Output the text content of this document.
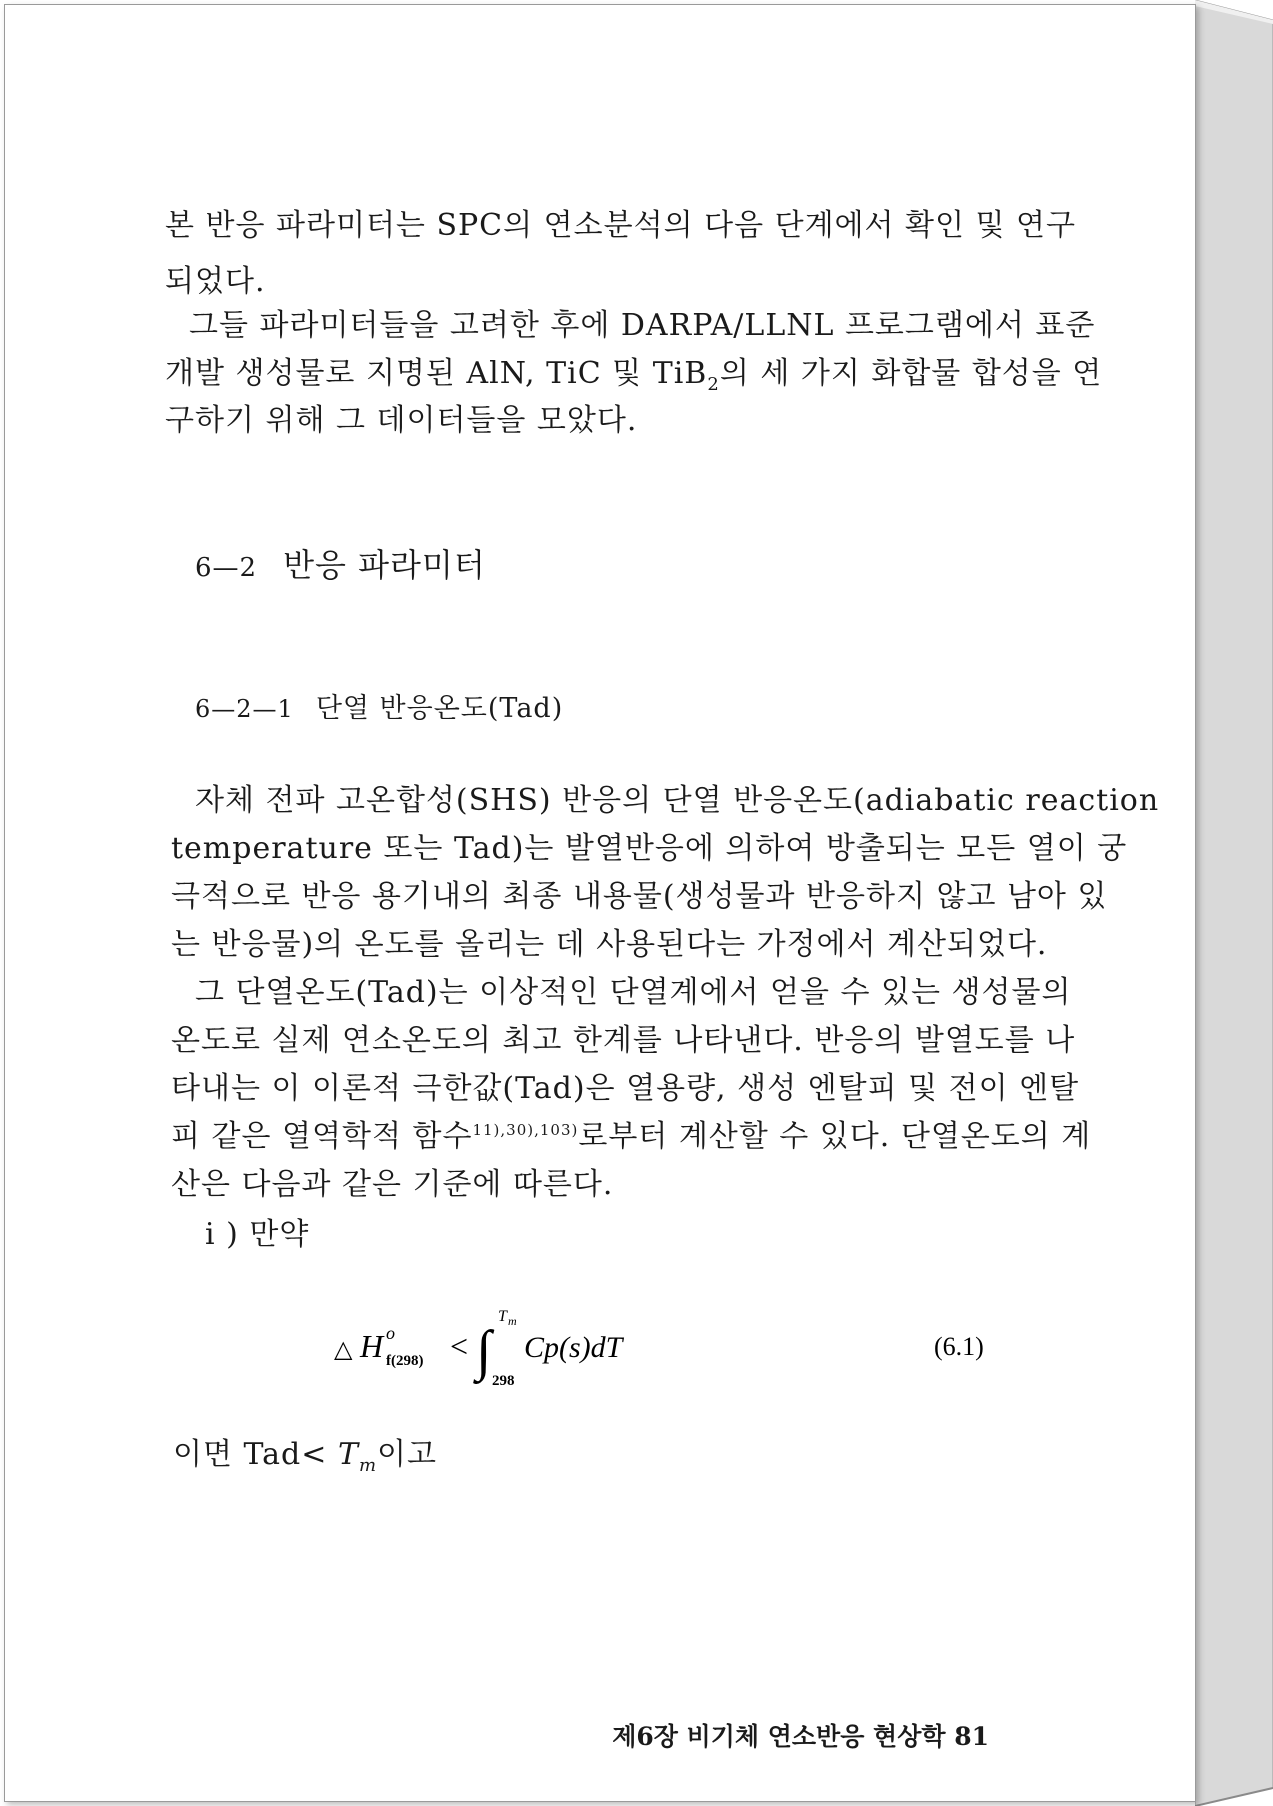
본 반응 파라미터는 SPC의 연소분석의 다음 단계에서 확인 및 연구
되었다.
그들 파라미터들을 고려한 후에 DARPA/LLNL 프로그램에서 표준
개발 생성물로 지명된 AlN, TiC 및 TiB$_2$의 세 가지 화합물 합성을 연
구하기 위해 그 데이터들을 모았다.
6—2 반응 파라미터
6—2—1 단열 반응온도(Tad)
자체 전파 고온합성(SHS) 반응의 단열 반응온도(adiabatic reaction
temperature 또는 Tad)는 발열반응에 의하여 방출되는 모든 열이 궁
극적으로 반응 용기내의 최종 내용물(생성물과 반응하지 않고 남아 있
는 반응물)의 온도를 올리는 데 사용된다는 가정에서 계산되었다.
그 단열온도(Tad)는 이상적인 단열계에서 얻을 수 있는 생성물의
온도로 실제 연소온도의 최고 한계를 나타낸다. 반응의 발열도를 나
타내는 이 이론적 극한값(Tad)은 열용량, 생성 엔탈피 및 전이 엔탈
피 같은 열역학적 함수$^{11),30),103)}$로부터 계산할 수 있다. 단열온도의 계
산은 다음과 같은 기준에 따른다.
i ) 만약
△ H o
f(298) < ∫
T m
298
Cp(s)dT	(6.1)
이면 $Tad< T_m$이고
제6장 비기체 연소반응 현상학 81
